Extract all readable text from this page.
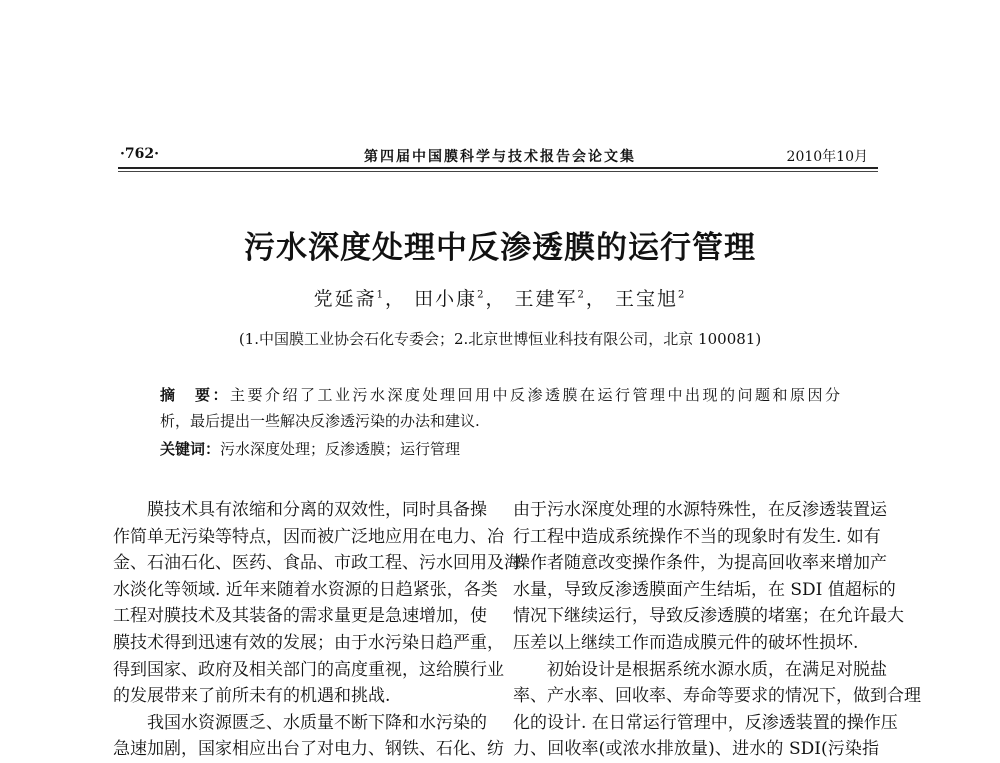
·762·	第四届中国膜科学与技术报告会论文集	2010年10月
污水深度处理中反渗透膜的运行管理
党延斋$^1$， 田小康$^2$， 王建军$^2$， 王宝旭$^2$
(1.中国膜工业协会石化专委会；2.北京世博恒业科技有限公司，北京 100081)
摘　要：主要介绍了工业污水深度处理回用中反渗透膜在运行管理中出现的问题和原因分
析，最后提出一些解决反渗透污染的办法和建议.
关键词：污水深度处理；反渗透膜；运行管理
膜技术具有浓缩和分离的双效性，同时具备操
作简单无污染等特点，因而被广泛地应用在电力、冶
金、石油石化、医药、食品、市政工程、污水回用及海
水淡化等领域. 近年来随着水资源的日趋紧张，各类
工程对膜技术及其装备的需求量更是急速增加，使
膜技术得到迅速有效的发展；由于水污染日趋严重，
得到国家、政府及相关部门的高度重视，这给膜行业
的发展带来了前所未有的机遇和挑战.
我国水资源匮乏、水质量不断下降和水污染的
急速加剧，国家相应出台了对电力、钢铁、石化、纺
由于污水深度处理的水源特殊性，在反渗透装置运
行工程中造成系统操作不当的现象时有发生. 如有
操作者随意改变操作条件，为提高回收率来增加产
水量，导致反渗透膜面产生结垢，在 SDI 值超标的
情况下继续运行，导致反渗透膜的堵塞；在允许最大
压差以上继续工作而造成膜元件的破坏性损坏.
初始设计是根据系统水源水质，在满足对脱盐
率、产水率、回收率、寿命等要求的情况下，做到合理
化的设计. 在日常运行管理中，反渗透装置的操作压
力、回收率(或浓水排放量)、进水的 SDI(污染指
